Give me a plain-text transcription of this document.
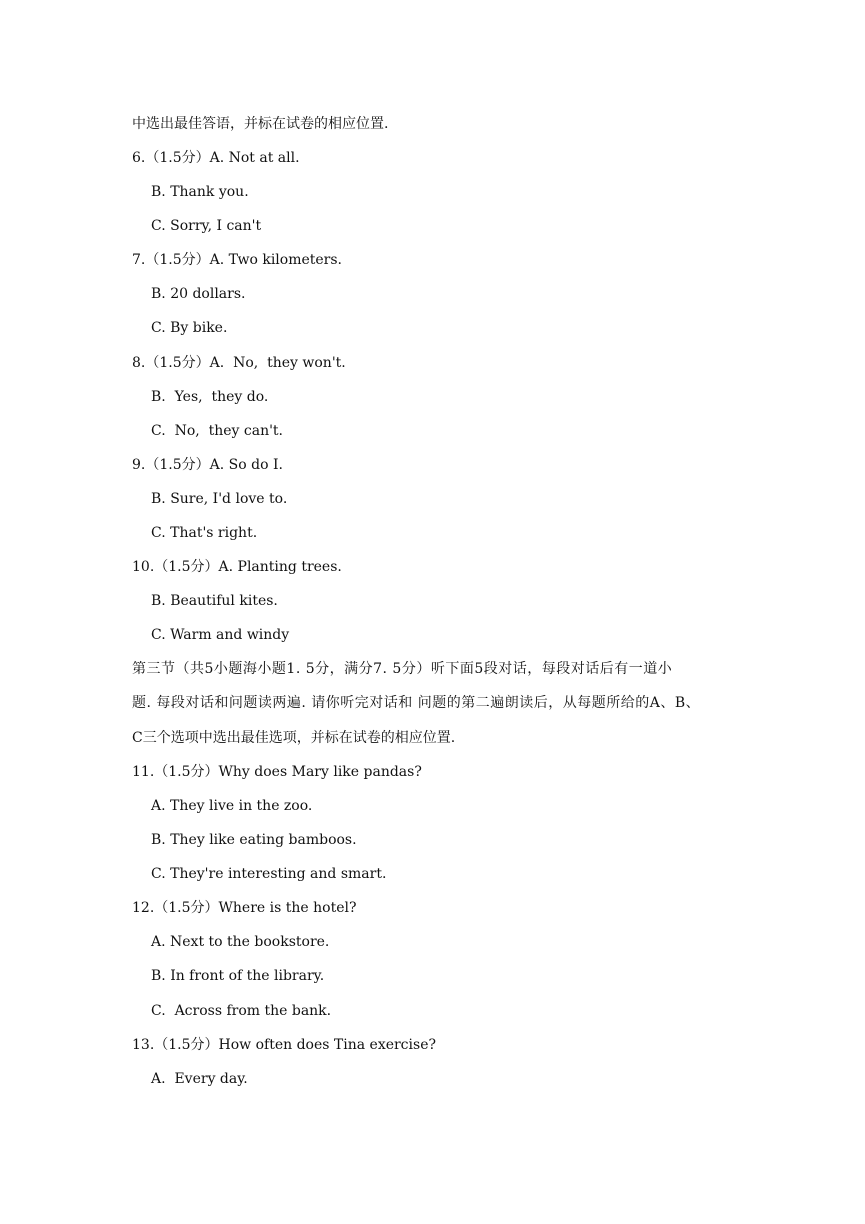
中选出最佳答语，并标在试卷的相应位置.
6.（1.5分）A. Not at all.
B. Thank you.
C. Sorry, I can't
7.（1.5分）A. Two kilometers.
B. 20 dollars.
C. By bike.
8.（1.5分）A.  No,  they won't.
B.  Yes,  they do.
C.  No,  they can't.
9.（1.5分）A. So do I.
B. Sure, I'd love to.
C. That's right.
10.（1.5分）A. Planting trees.
B. Beautiful kites.
C. Warm and windy
第三节（共5小题海小题1. 5分，满分7. 5分）听下面5段对话，每段对话后有一道小
题. 每段对话和问题读两遍. 请你听完对话和 问题的第二遍朗读后，从每题所给的A、B、
C三个选项中选出最佳选项，并标在试卷的相应位置.
11.（1.5分）Why does Mary like pandas?
A. They live in the zoo.
B. They like eating bamboos.
C. They're interesting and smart.
12.（1.5分）Where is the hotel?
A. Next to the bookstore.
B. In front of the library.
C.  Across from the bank.
13.（1.5分）How often does Tina exercise?
A.  Every day.
